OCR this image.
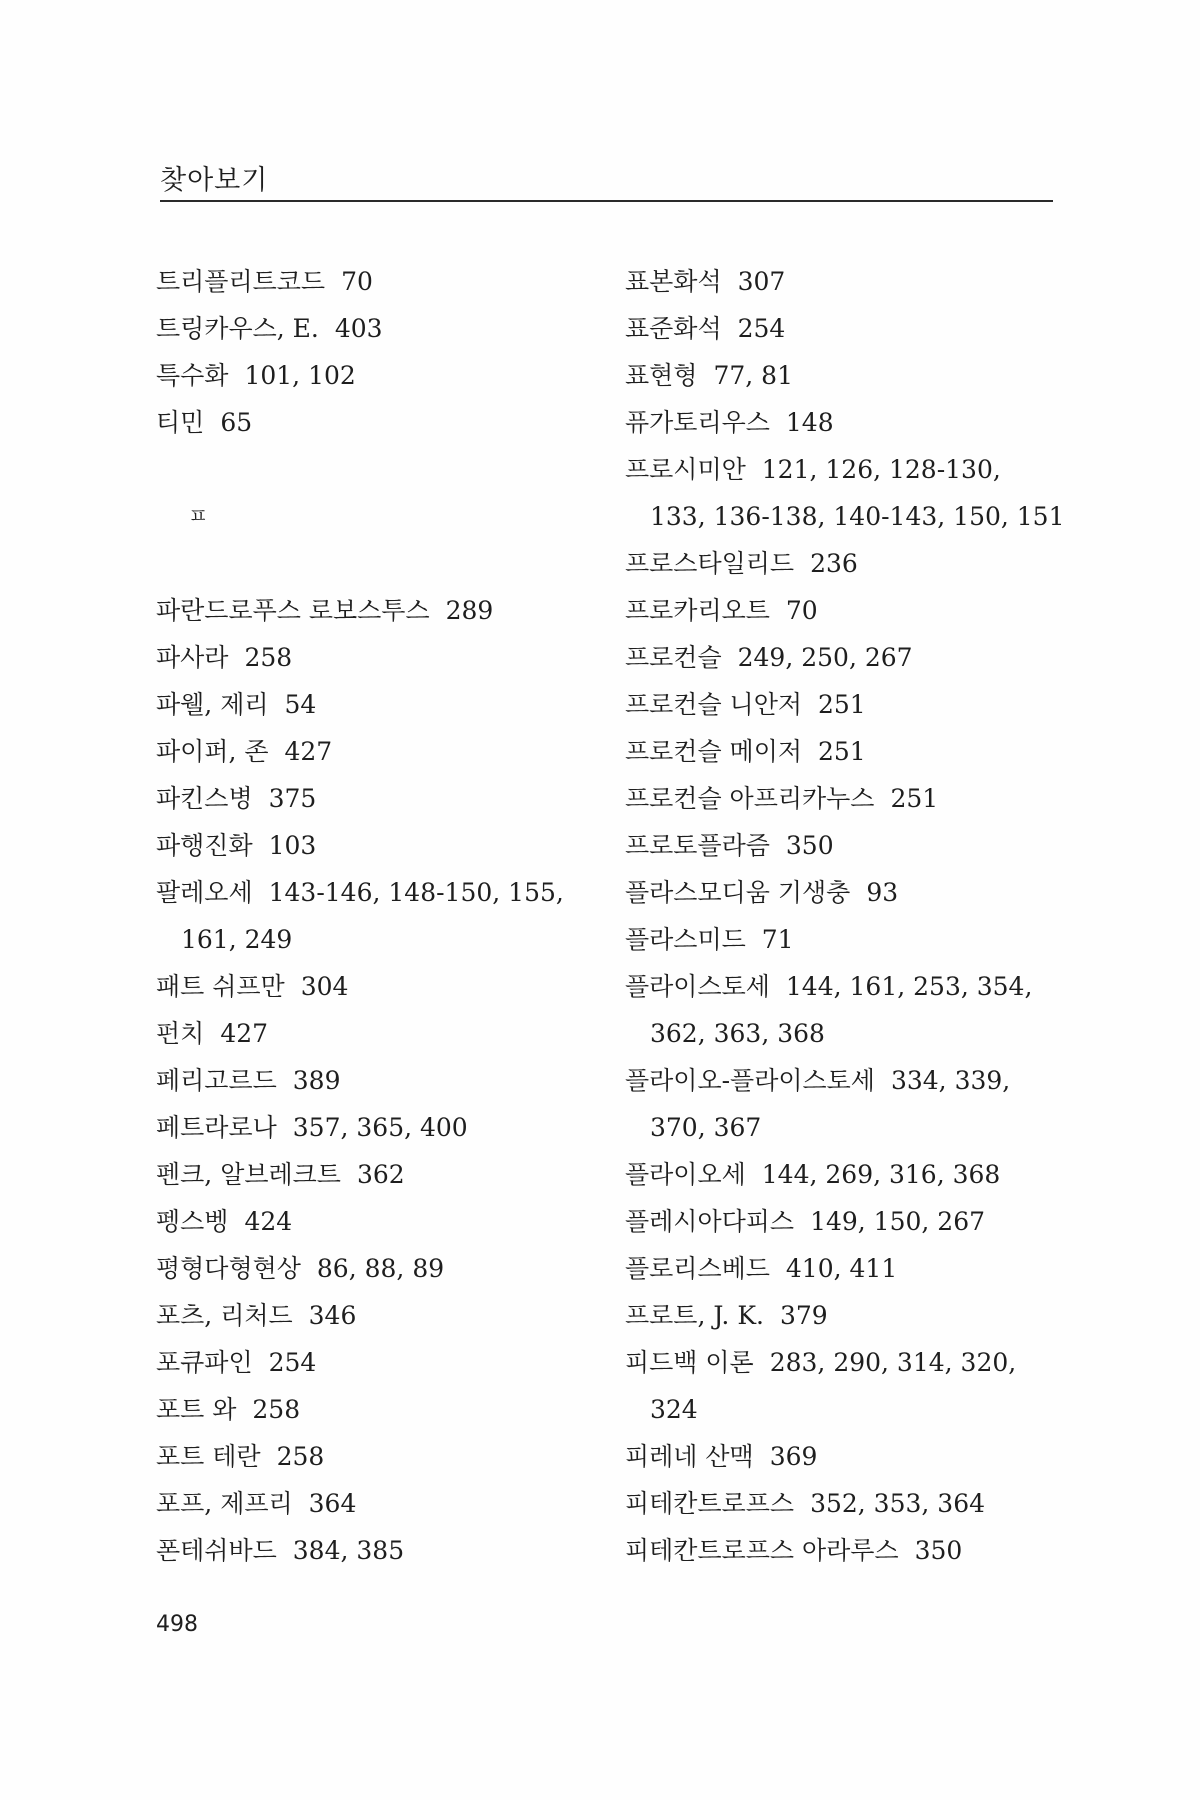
찾아보기
트리플리트코드 70
트링카우스, E. 403
특수화 101, 102
티민 65
ㅍ
파란드로푸스 로보스투스 289
파사라 258
파웰, 제리 54
파이퍼, 존 427
파킨스병 375
파행진화 103
팔레오세 143-146, 148-150, 155,
161, 249
패트 쉬프만 304
펀치 427
페리고르드 389
페트라로나 357, 365, 400
펜크, 알브레크트 362
펭스벵 424
평형다형현상 86, 88, 89
포츠, 리처드 346
포큐파인 254
포트 와 258
포트 테란 258
포프, 제프리 364
폰테쉬바드 384, 385
표본화석 307
표준화석 254
표현형 77, 81
퓨가토리우스 148
프로시미안 121, 126, 128-130,
133, 136-138, 140-143, 150, 151
프로스타일리드 236
프로카리오트 70
프로컨슬 249, 250, 267
프로컨슬 니안저 251
프로컨슬 메이저 251
프로컨슬 아프리카누스 251
프로토플라즘 350
플라스모디움 기생충 93
플라스미드 71
플라이스토세 144, 161, 253, 354,
362, 363, 368
플라이오-플라이스토세 334, 339,
370, 367
플라이오세 144, 269, 316, 368
플레시아다피스 149, 150, 267
플로리스베드 410, 411
프로트, J. K. 379
피드백 이론 283, 290, 314, 320,
324
피레네 산맥 369
피테칸트로프스 352, 353, 364
피테칸트로프스 아라루스 350
498
